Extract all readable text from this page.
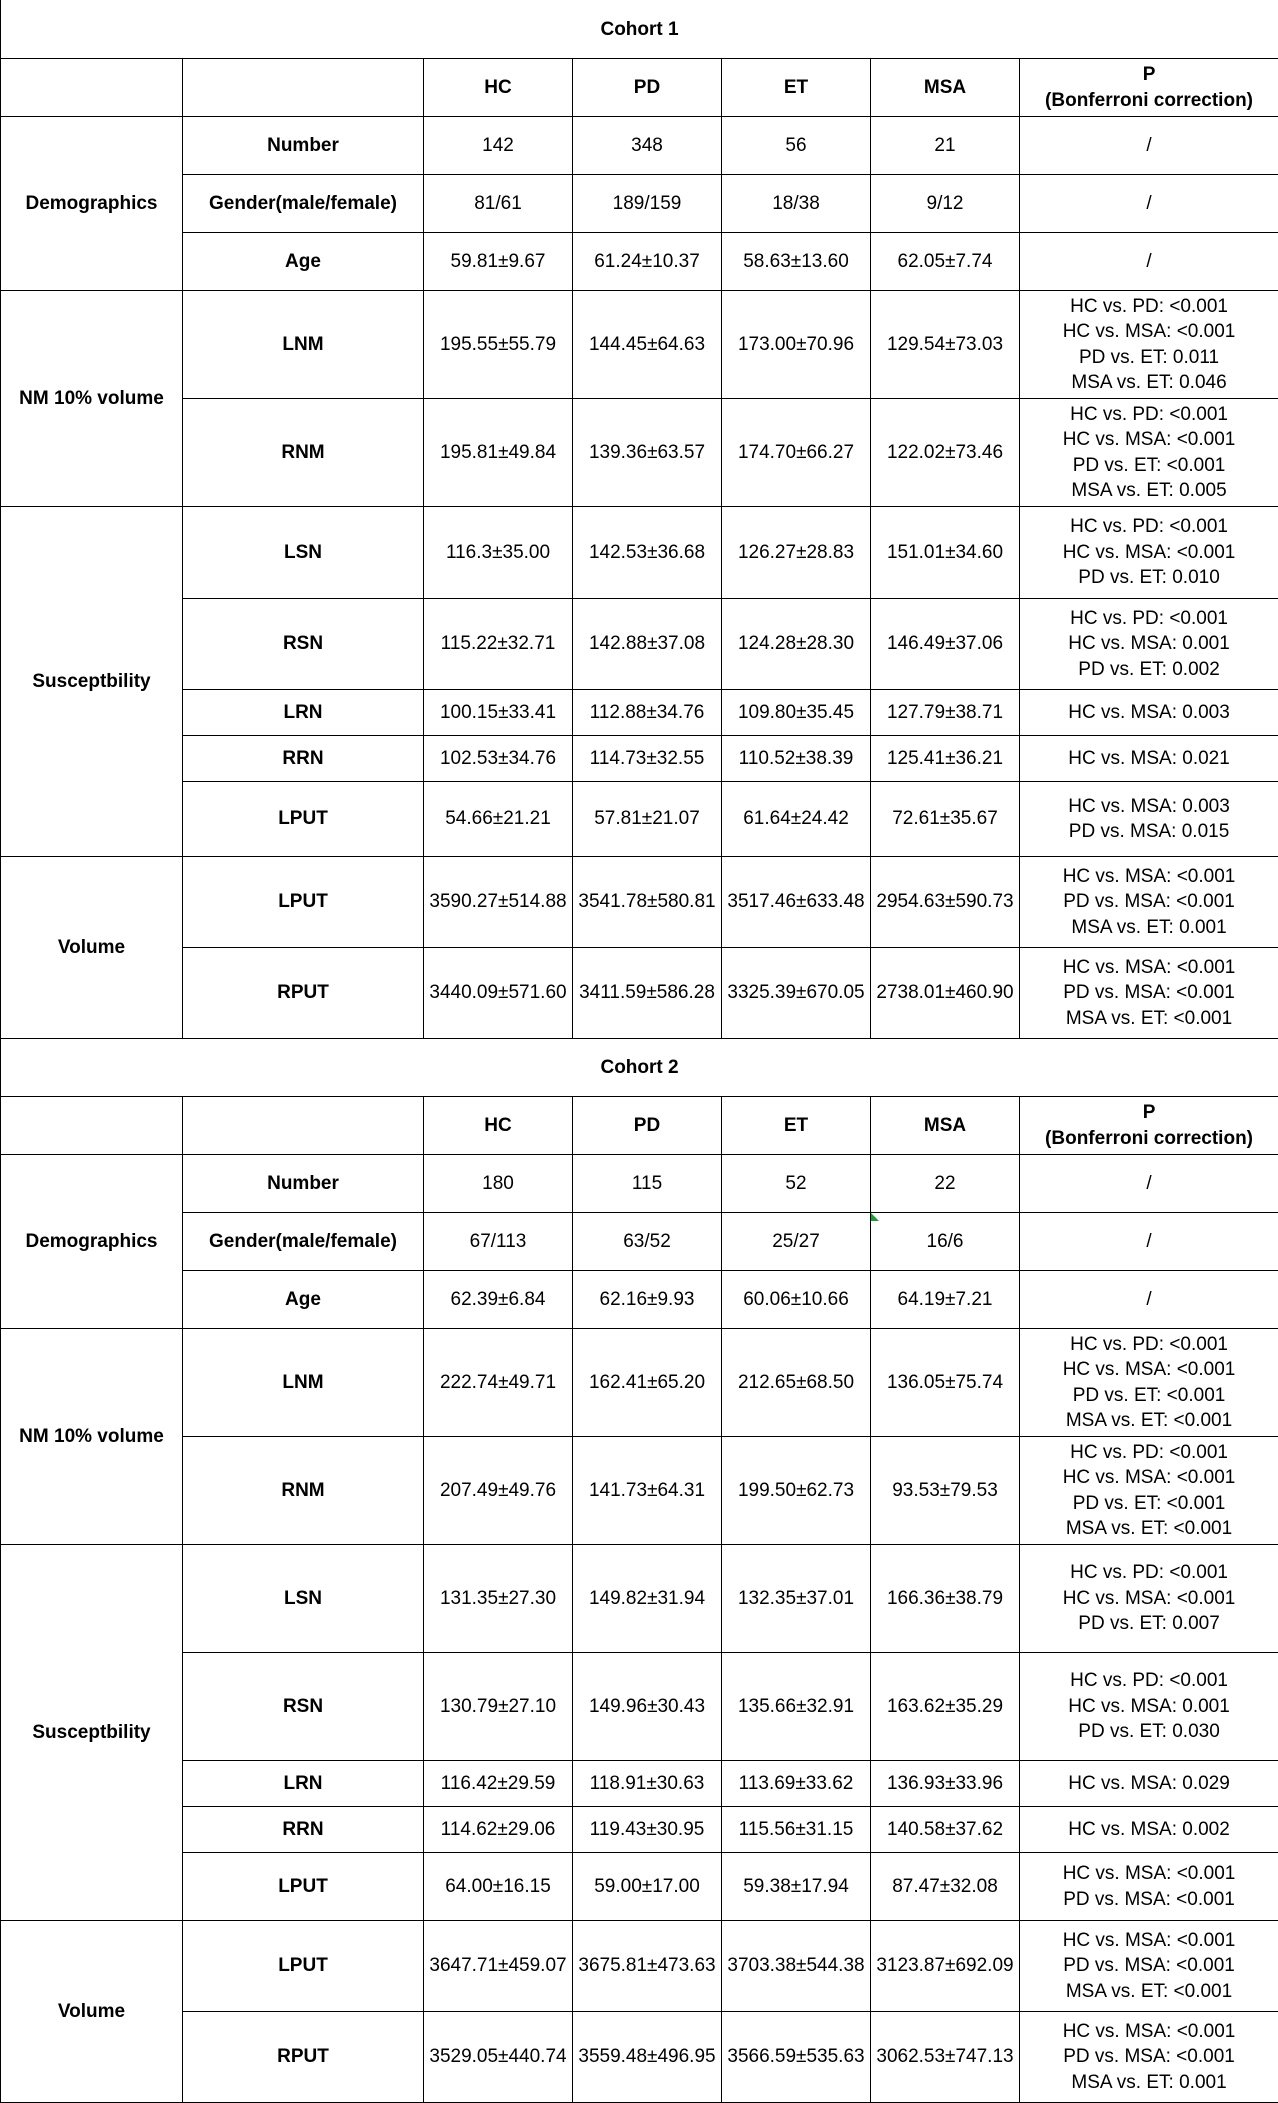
Cohort 1						
		HC	PD	ET	MSA	P
(Bonferroni correction)

Demographics	Number	142	348	56	21	/

	Gender(male/female)	81/61	189/159	18/38	9/12	/

	Age	59.81±9.67	61.24±10.37	58.63±13.60	62.05±7.74	/

NM 10% volume	LNM	195.55±55.79	144.45±64.63	173.00±70.96	129.54±73.03	HC vs. PD: <0.001
HC vs. MSA: <0.001
PD vs. ET: 0.011
MSA vs. ET: 0.046

	RNM	195.81±49.84	139.36±63.57	174.70±66.27	122.02±73.46	HC vs. PD: <0.001
HC vs. MSA: <0.001
PD vs. ET: <0.001
MSA vs. ET: 0.005

Susceptbility	LSN	116.3±35.00	142.53±36.68	126.27±28.83	151.01±34.60	HC vs. PD: <0.001
HC vs. MSA: <0.001
PD vs. ET: 0.010

	RSN	115.22±32.71	142.88±37.08	124.28±28.30	146.49±37.06	HC vs. PD: <0.001
HC vs. MSA: 0.001
PD vs. ET: 0.002

	LRN	100.15±33.41	112.88±34.76	109.80±35.45	127.79±38.71	HC vs. MSA: 0.003

	RRN	102.53±34.76	114.73±32.55	110.52±38.39	125.41±36.21	HC vs. MSA: 0.021

	LPUT	54.66±21.21	57.81±21.07	61.64±24.42	72.61±35.67	HC vs. MSA: 0.003
PD vs. MSA: 0.015

Volume	LPUT	3590.27±514.88	3541.78±580.81	3517.46±633.48	2954.63±590.73	HC vs. MSA: <0.001
PD vs. MSA: <0.001
MSA vs. ET: 0.001

	RPUT	3440.09±571.60	3411.59±586.28	3325.39±670.05	2738.01±460.90	HC vs. MSA: <0.001
PD vs. MSA: <0.001
MSA vs. ET: <0.001

Cohort 2						
		HC	PD	ET	MSA	P
(Bonferroni correction)

Demographics	Number	180	115	52	22	/

	Gender(male/female)	67/113	63/52	25/27	16/6	/

	Age	62.39±6.84	62.16±9.93	60.06±10.66	64.19±7.21	/

NM 10% volume	LNM	222.74±49.71	162.41±65.20	212.65±68.50	136.05±75.74	HC vs. PD: <0.001
HC vs. MSA: <0.001
PD vs. ET: <0.001
MSA vs. ET: <0.001

	RNM	207.49±49.76	141.73±64.31	199.50±62.73	93.53±79.53	HC vs. PD: <0.001
HC vs. MSA: <0.001
PD vs. ET: <0.001
MSA vs. ET: <0.001

Susceptbility	LSN	131.35±27.30	149.82±31.94	132.35±37.01	166.36±38.79	HC vs. PD: <0.001
HC vs. MSA: <0.001
PD vs. ET: 0.007

	RSN	130.79±27.10	149.96±30.43	135.66±32.91	163.62±35.29	HC vs. PD: <0.001
HC vs. MSA: 0.001
PD vs. ET: 0.030

	LRN	116.42±29.59	118.91±30.63	113.69±33.62	136.93±33.96	HC vs. MSA: 0.029

	RRN	114.62±29.06	119.43±30.95	115.56±31.15	140.58±37.62	HC vs. MSA: 0.002

	LPUT	64.00±16.15	59.00±17.00	59.38±17.94	87.47±32.08	HC vs. MSA: <0.001
PD vs. MSA: <0.001

Volume	LPUT	3647.71±459.07	3675.81±473.63	3703.38±544.38	3123.87±692.09	HC vs. MSA: <0.001
PD vs. MSA: <0.001
MSA vs. ET: <0.001

	RPUT	3529.05±440.74	3559.48±496.95	3566.59±535.63	3062.53±747.13	HC vs. MSA: <0.001
PD vs. MSA: <0.001
MSA vs. ET: 0.001
